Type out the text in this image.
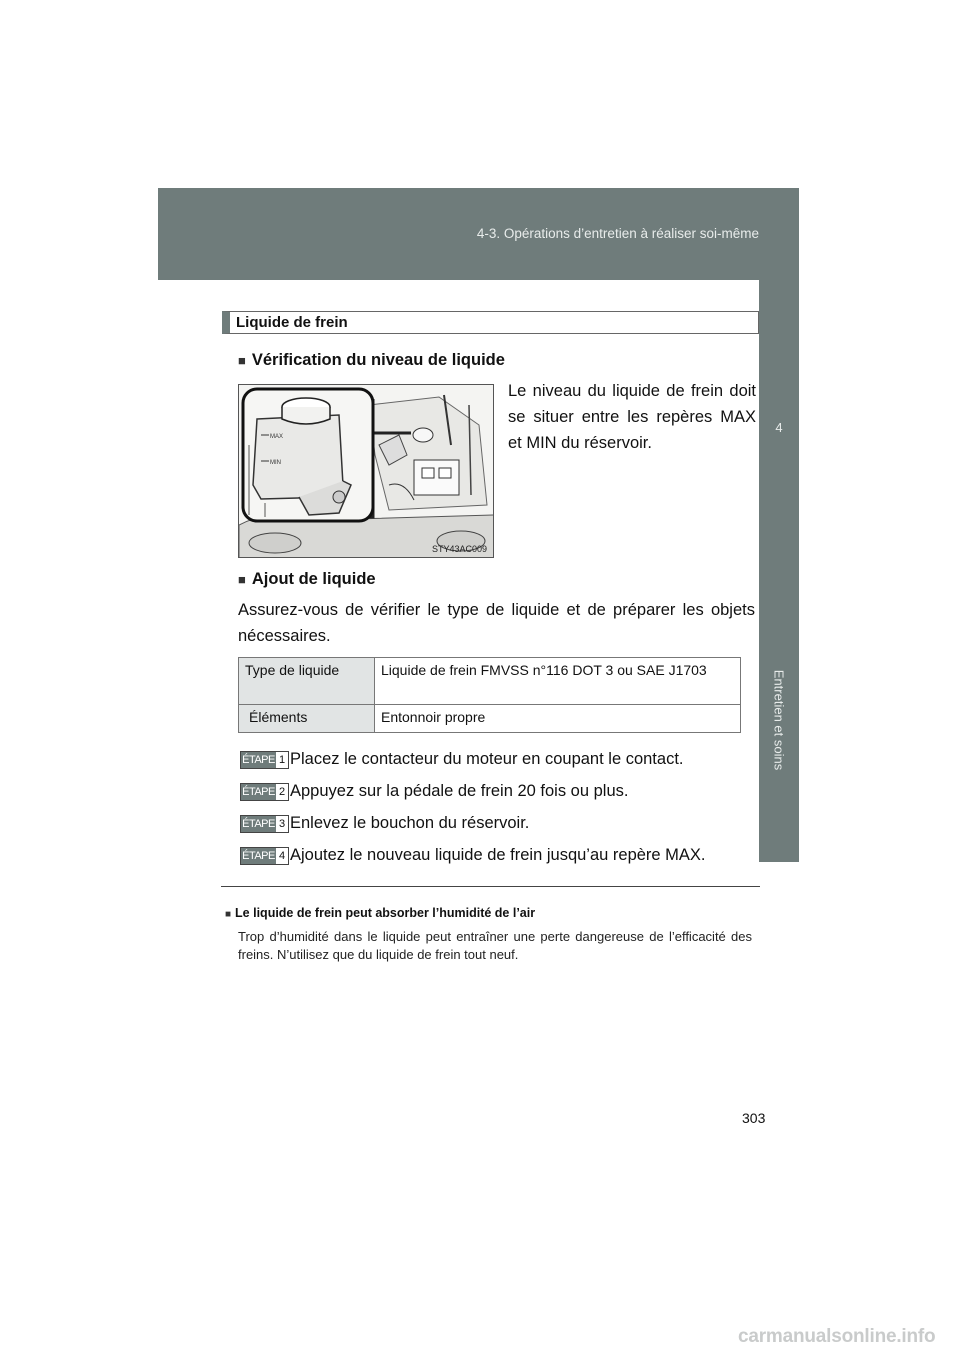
4-3. Opérations d’entretien à réaliser soi-même
4
Entretien et soins
Liquide de frein
■ Vérification du niveau de liquide
MAX
MIN
STY43AC009
Le niveau du liquide de frein doit se situer entre les repères MAX et MIN du réservoir.
■ Ajout de liquide
Assurez-vous de vérifier le type de liquide et de préparer les objets nécessaires.
Type de liquide	Liquide de frein FMVSS n°116 DOT 3 ou SAE J1703
Éléments	Entonnoir propre
ÉTAPE 1 Placez le contacteur du moteur en coupant le contact.
ÉTAPE 2 Appuyez sur la pédale de frein 20 fois ou plus.
ÉTAPE 3 Enlevez le bouchon du réservoir.
ÉTAPE 4 Ajoutez le nouveau liquide de frein jusqu’au repère MAX.
■ Le liquide de frein peut absorber l’humidité de l’air
Trop d’humidité dans le liquide peut entraîner une perte dangereuse de l’efficacité des freins. N’utilisez que du liquide de frein tout neuf.
303
carmanualsonline.info
